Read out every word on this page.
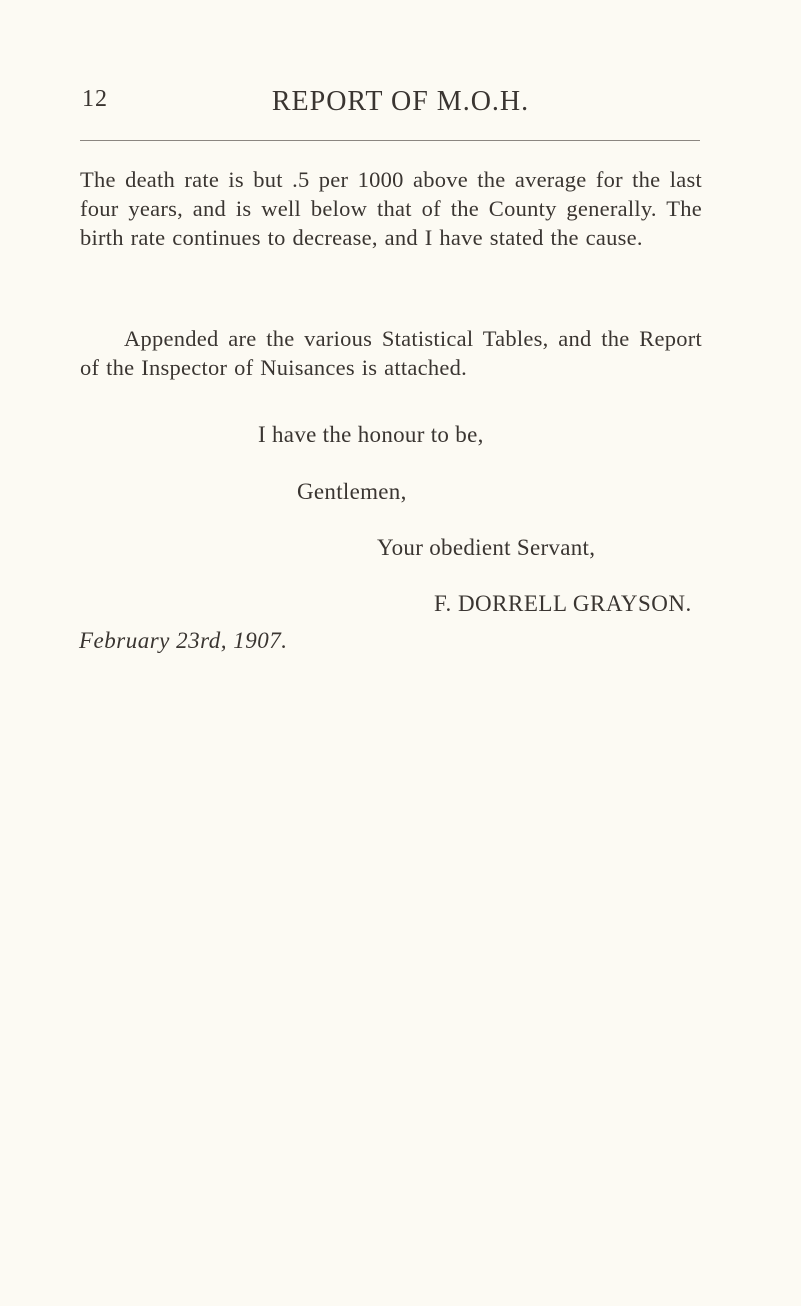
12	REPORT OF M.O.H.

The death rate is but .5 per 1000 above the average for the last four years, and is well below that of the County generally. The birth rate continues to decrease, and I have stated the cause.

Appended are the various Statistical Tables, and the Report of the Inspector of Nuisances is attached.

I have the honour to be,
Gentlemen,
Your obedient Servant,
F. DORRELL GRAYSON.
February 23rd, 1907.
